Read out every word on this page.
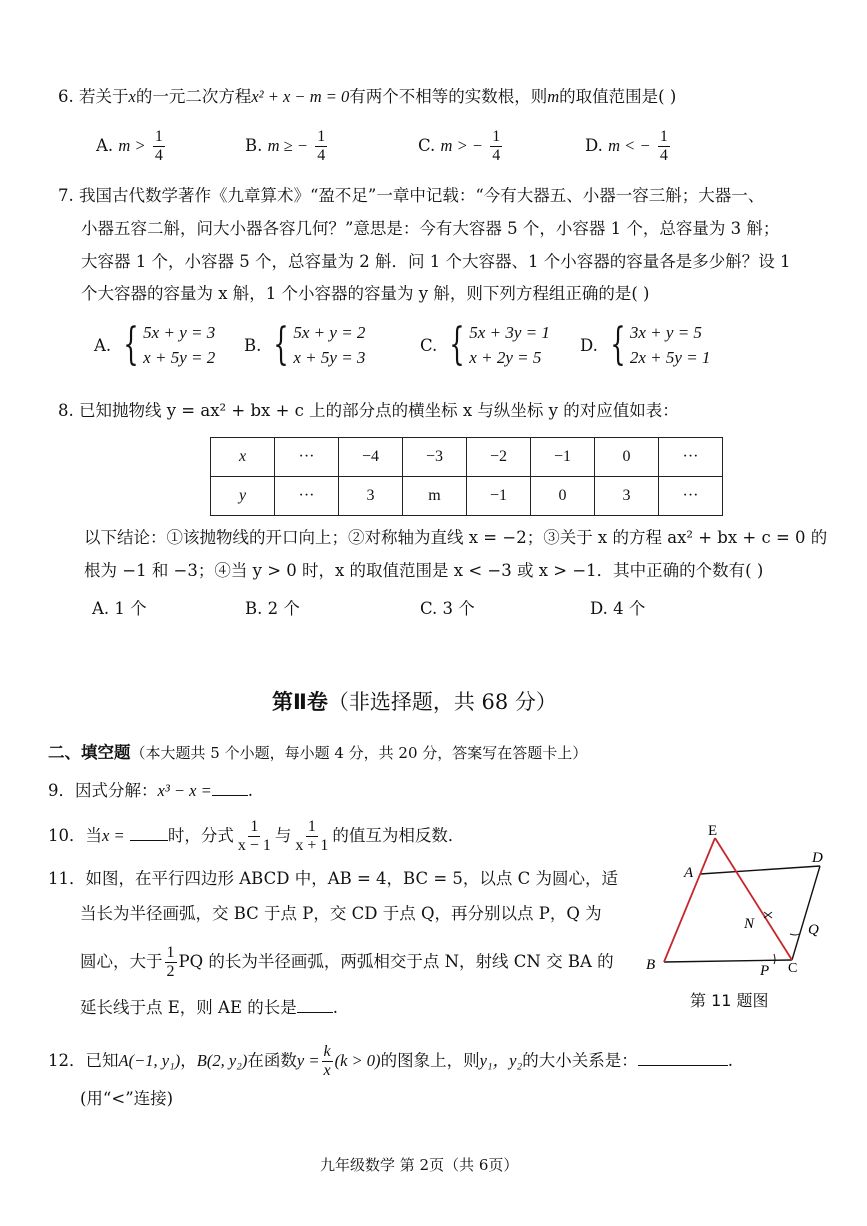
6. 若关于x的一元二次方程x² + x − m = 0有两个不相等的实数根，则m的取值范围是( )
A. $m > \frac{1}{4}$	B. m ≥ − $\frac{1}{4}$	C. m > − $\frac{1}{4}$	D. m < − $\frac{1}{4}$
7. 我国古代数学著作《九章算术》“盈不足”一章中记载：“今有大器五、小器一容三斛；大器一、
小器五容二斛，问大小器各容几何？”意思是：今有大容器 5 个，小容器 1 个，总容量为 3 斛；
大容器 1 个，小容器 5 个，总容量为 2 斛．问 1 个大容器、1 个小容器的容量各是多少斛？设 1
个大容器的容量为 x 斛，1 个小容器的容量为 y 斛，则下列方程组正确的是( )
A. { 5x + y = 3
x + 5y = 2
B. { 5x + y = 2
x + 5y = 3
C. { 5x + 3y = 1
x + 2y = 5
D. { 3x + y = 5
2x + 5y = 1
8. 已知抛物线 y = ax² + bx + c 上的部分点的横坐标 x 与纵坐标 y 的对应值如表：
x	···	−4	−3	−2	−1	0	···
y	···	3	m	−1	0	3	···
以下结论：①该抛物线的开口向上；②对称轴为直线 x = −2；③关于 x 的方程 ax² + bx + c = 0 的
根为 −1 和 −3；④当 y > 0 时，x 的取值范围是 x < −3 或 x > −1．其中正确的个数有( )
A. 1 个	B. 2 个	C. 3 个	D. 4 个
第Ⅱ卷（非选择题，共 68 分）
二、填空题（本大题共 5 个小题，每小题 4 分，共 20 分，答案写在答题卡上）
9．因式分解：x³ − x = .
10．当x =	时，分式 $\frac{1}{x - 1}$ 与 $\frac{1}{x + 1}$ 的值互为相反数．
11．如图，在平行四边形 ABCD 中，AB = 4，BC = 5，以点 C 为圆心，适
当长为半径画弧，交 BC 于点 P，交 CD 于点 Q，再分别以点 P，Q 为
圆心，大于 $\frac{1}{2}$ PQ 的长为半径画弧，两弧相交于点 N，射线 CN 交 BA 的
延长线于点 E，则 AE 的长是 .
E
A
D
N	Q
B	P C
第 11 题图
12．已知A(−1, y₁)，B(2, y₂)在函数$y = \frac{k}{x} (k > 0)$的图象上，则y₁，y₂的大小关系是：	.
(用“<”连接)
九年级数学 第 2页（共 6页）
